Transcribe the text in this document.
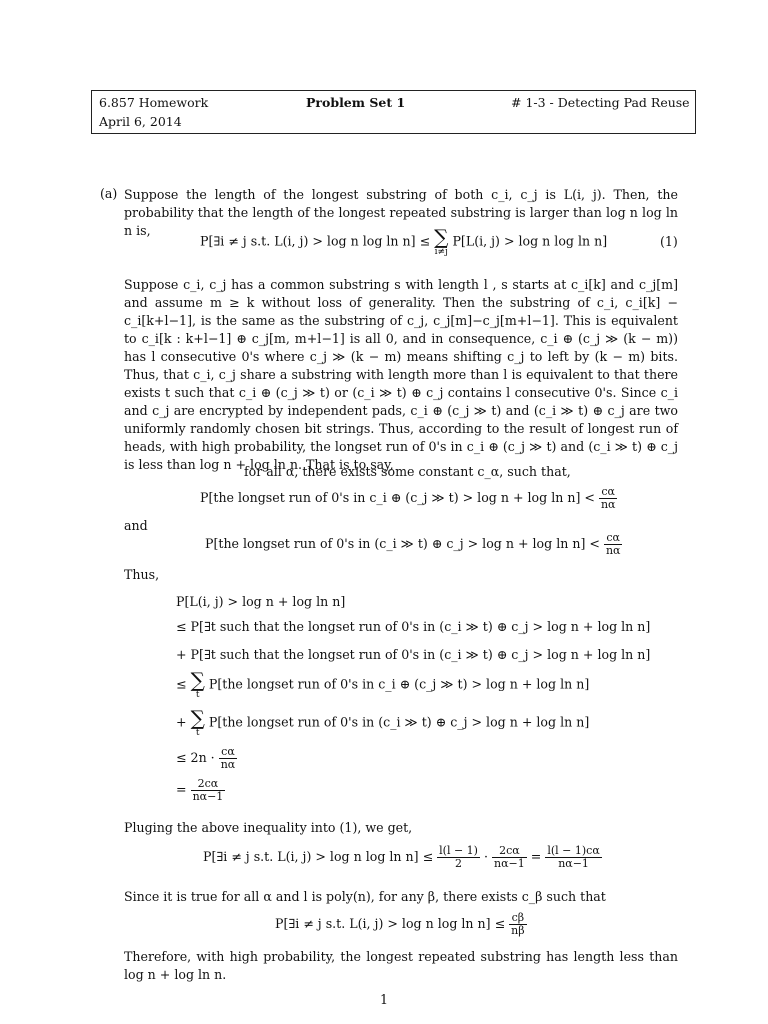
6.857 Homework
April 6, 2014
Problem Set 1	# 1-3 - Detecting Pad Reuse
(a) Suppose the length of the longest substring of both c_i, c_j is L(i, j). Then, the probability that the length of the longest repeated substring is larger than log n log ln n is,
P[∃i ≠ j s.t. L(i, j) > log n log ln n] ≤ ∑
i≠j
P[L(i, j) > log n log ln n]	(1)
Suppose c_i, c_j has a common substring s with length l , s starts at c_i[k] and c_j[m] and assume m ≥ k without loss of generality. Then the substring of c_i, c_i[k] − c_i[k+l−1], is the same as the substring of c_j, c_j[m]−c_j[m+l−1]. This is equivalent to c_i[k : k+l−1] ⊕ c_j[m, m+l−1] is all 0, and in consequence, c_i ⊕ (c_j ≫ (k − m)) has l consecutive 0's where c_j ≫ (k − m) means shifting c_j to left by (k − m) bits. Thus, that c_i, c_j share a substring with length more than l is equivalent to that there exists t such that c_i ⊕ (c_j ≫ t) or (c_i ≫ t) ⊕ c_j contains l consecutive 0's. Since c_i and c_j are encrypted by independent pads, c_i ⊕ (c_j ≫ t) and (c_i ≫ t) ⊕ c_j are two uniformly randomly chosen bit strings. Thus, according to the result of longest run of heads, with high probability, the longset run of 0's in c_i ⊕ (c_j ≫ t) and (c_i ≫ t) ⊕ c_j is less than log n + log ln n. That is to say,
for all α, there exists some constant c_α, such that,
P[the longset run of 0's in c_i ⊕ (c_j ≫ $t) > \log n + \log \ln n] < \frac{c\alpha}{n\alpha}$
and
P[the longset run of 0's in (c_i ≫ t) ⊕ c_j > $\log n + \log \ln n] < \frac{c\alpha}{n\alpha}$
Thus,
P[L(i, j) > log n + log ln n]
≤ P[∃t such that the longset run of 0's in (c_i ≫ t) ⊕ c_j > log n + log ln n]
+ P[∃t such that the longset run of 0's in (c_i ≫ t) ⊕ c_j > log n + log ln n]
≤ ∑
t
P[the longset run of 0's in c_i ⊕ (c_j ≫ t) > log n + log ln n]
+ ∑
t
P[the longset run of 0's in (c_i ≫ t) ⊕ c_j > log n + log ln n]
≤ $2n \cdot \frac{c\alpha}{n\alpha}$
= $\frac{2c\alpha}{n\alpha-1}$
Pluging the above inequality into (1), we get,
P[∃i ≠ j s.t. L(i, j) > log n $\log \ln n] \le \frac{l(l - 1)}{2} \cdot \frac{2c\alpha}{n\alpha-1} = \frac{l(l - 1)c\alpha}{n\alpha-1}$
Since it is true for all α and l is poly(n), for any β, there exists c_β such that
P[∃i ≠ j s.t. L(i, j) > log n $\log \ln n] \le \frac{c\beta}{n\beta}$
Therefore, with high probability, the longest repeated substring has length less than log n + log ln n.
1
